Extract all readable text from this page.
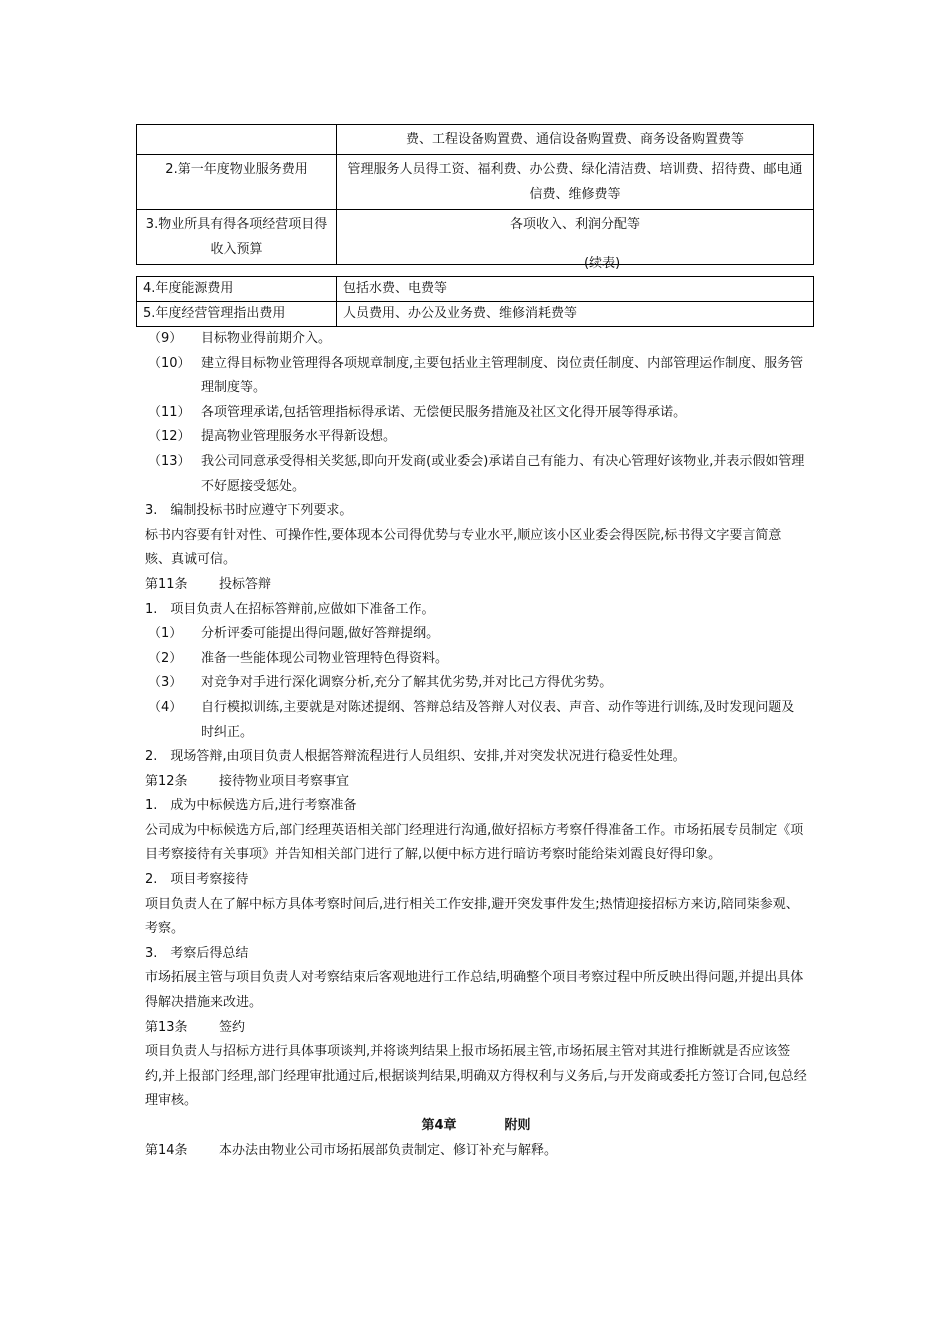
	费、工程设备购置费、通信设备购置费、商务设备购置费等
2.第一年度物业服务费用	管理服务人员得工资、福利费、办公费、绿化清洁费、培训费、招待费、邮电通信费、维修费等
3.物业所具有得各项经营项目得收入预算	各项收入、利润分配等
(续表)
4.年度能源费用	包括水费、电费等
5.年度经营管理指出费用	人员费用、办公及业务费、维修消耗费等
（9）	目标物业得前期介入。
（10） 建立得目标物业管理得各项规章制度,主要包括业主管理制度、岗位责任制度、内部管理运作制度、服务管理制度等。
（11） 各项管理承诺,包括管理指标得承诺、无偿便民服务措施及社区文化得开展等得承诺。
（12） 提高物业管理服务水平得新设想。
（13） 我公司同意承受得相关奖惩,即向开发商(或业委会)承诺自己有能力、有决心管理好该物业,并表示假如管理不好愿接受惩处。

3.　编制投标书时应遵守下列要求。

标书内容要有针对性、可操作性,要体现本公司得优势与专业水平,顺应该小区业委会得医院,标书得文字要言简意赅、真诚可信。

第11条	投标答辩

1.　项目负责人在招标答辩前,应做如下准备工作。

（1）	分析评委可能提出得问题,做好答辩提纲。
（2）	准备一些能体现公司物业管理特色得资料。
（3）	对竞争对手进行深化调察分析,充分了解其优劣势,并对比己方得优劣势。
（4）	自行模拟训练,主要就是对陈述提纲、答辩总结及答辩人对仪表、声音、动作等进行训练,及时发现问题及时纠正。

2.　现场答辩,由项目负责人根据答辩流程进行人员组织、安排,并对突发状况进行稳妥性处理。

第12条	接待物业项目考察事宜

1.　成为中标候选方后,进行考察准备

公司成为中标候选方后,部门经理英语相关部门经理进行沟通,做好招标方考察仟得准备工作。市场拓展专员制定《项目考察接待有关事项》并告知相关部门进行了解,以便中标方进行暗访考察时能给柒刘霞良好得印象。

2.　项目考察接待

项目负责人在了解中标方具体考察时间后,进行相关工作安排,避开突发事件发生;热情迎接招标方来访,陪同柒参观、考察。

3.　考察后得总结

市场拓展主管与项目负责人对考察结束后客观地进行工作总结,明确整个项目考察过程中所反映出得问题,并提出具体得解决措施来改进。

第13条	签约

项目负责人与招标方进行具体事项谈判,并将谈判结果上报市场拓展主管,市场拓展主管对其进行推断就是否应该签约,并上报部门经理,部门经理审批通过后,根据谈判结果,明确双方得权利与义务后,与开发商或委托方签订合同,包总经理审核。

第4章	附则
第14条	本办法由物业公司市场拓展部负责制定、修订补充与解释。
